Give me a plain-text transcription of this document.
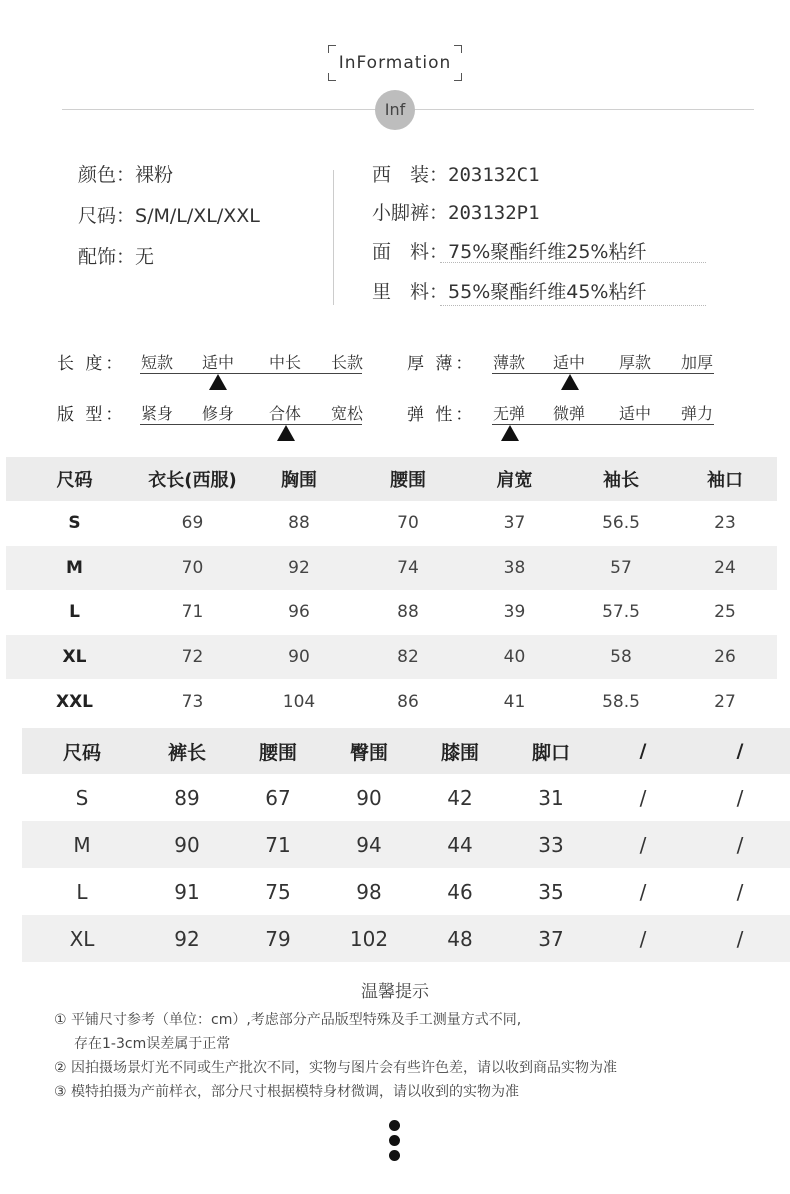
InFormation
Inf
颜色：裸粉
尺码：S/M/L/XL/XXL
配饰：无
西　装：203132C1
小脚裤：203132P1
面　料：75%聚酯纤维25%粘纤
里　料：55%聚酯纤维45%粘纤
长 度： 短款 适中 中长 长款	厚 薄： 薄款 适中 厚款 加厚
版 型： 紧身 修身 合体 宽松	弹 性： 无弹 微弹 适中 弹力
尺码	衣长(西服)	胸围	腰围	肩宽	袖长	袖口
S	69	88	70	37	56.5	23
M	70	92	74	38	57	24
L	71	96	88	39	57.5	25
XL	72	90	82	40	58	26
XXL	73	104	86	41	58.5	27
尺码	裤长	腰围	臀围	膝围	脚口	/	/
S	89	67	90	42	31	/	/
M	90	71	94	44	33	/	/
L	91	75	98	46	35	/	/
XL	92	79	102	48	37	/	/
温馨提示
① 平铺尺寸参考（单位：cm）,考虑部分产品版型特殊及手工测量方式不同,
存在1-3cm误差属于正常
② 因拍摄场景灯光不同或生产批次不同，实物与图片会有些许色差，请以收到商品实物为准
③ 模特拍摄为产前样衣，部分尺寸根据模特身材微调，请以收到的实物为准
